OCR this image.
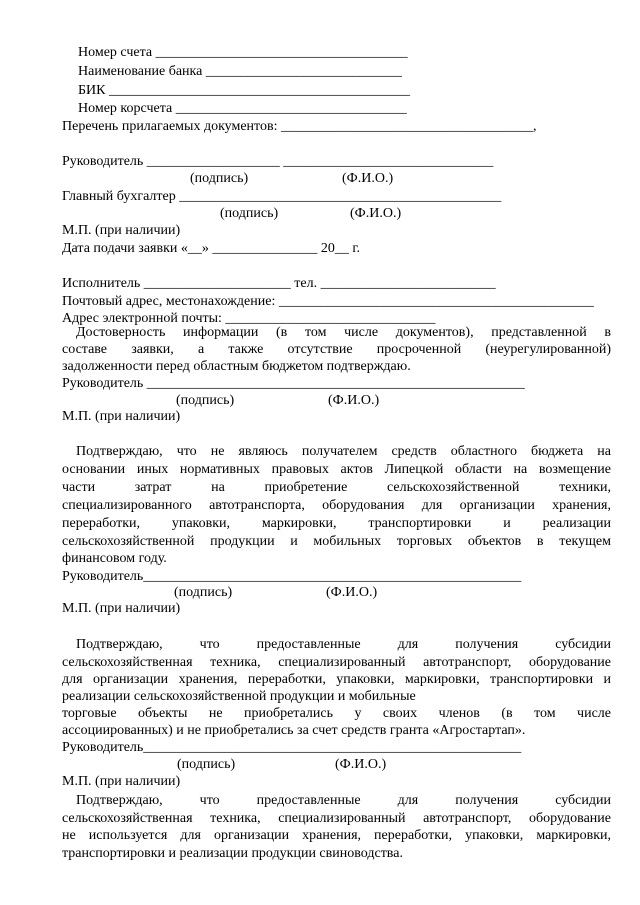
Номер счета ____________________________________
Наименование банка ____________________________
БИК ___________________________________________
Номер корсчета _________________________________
Перечень прилагаемых документов: ____________________________________,
Руководитель ___________________ ______________________________
(подпись)	(Ф.И.О.)
Главный бухгалтер ______________________________________________
(подпись)	(Ф.И.О.)
М.П. (при наличии)
Дата подачи заявки «__» _______________ 20__ г.
Исполнитель _____________________ тел. _________________________
Почтовый адрес, местонахождение: _____________________________________________
Адрес электронной почты: ______________________________
Достоверность информации (в том числе документов), представленной в
составе заявки, а также отсутствие просроченной (неурегулированной)
задолженности перед областным бюджетом подтверждаю.
Руководитель ______________________________________________________
(подпись)	(Ф.И.О.)
М.П. (при наличии)
Подтверждаю, что не являюсь получателем средств областного бюджета на
основании иных нормативных правовых актов Липецкой области на возмещение
части затрат на приобретение сельскохозяйственной техники,
специализированного автотранспорта, оборудования для организации хранения,
переработки, упаковки, маркировки, транспортировки и реализации
сельскохозяйственной продукции и мобильных торговых объектов в текущем
финансовом году.
Руководитель______________________________________________________
(подпись)	(Ф.И.О.)
М.П. (при наличии)
Подтверждаю, что предоставленные для получения субсидии
сельскохозяйственная техника, специализированный автотранспорт, оборудование
для организации хранения, переработки, упаковки, маркировки, транспортировки и
реализации сельскохозяйственной продукции и мобильные
торговые объекты не приобретались у своих членов (в том числе
ассоциированных) и не приобретались за счет средств гранта «Агростартап».
Руководитель______________________________________________________
(подпись)	(Ф.И.О.)
М.П. (при наличии)
Подтверждаю, что предоставленные для получения субсидии
сельскохозяйственная техника, специализированный автотранспорт, оборудование
не используется для организации хранения, переработки, упаковки, маркировки,
транспортировки и реализации продукции свиноводства.
